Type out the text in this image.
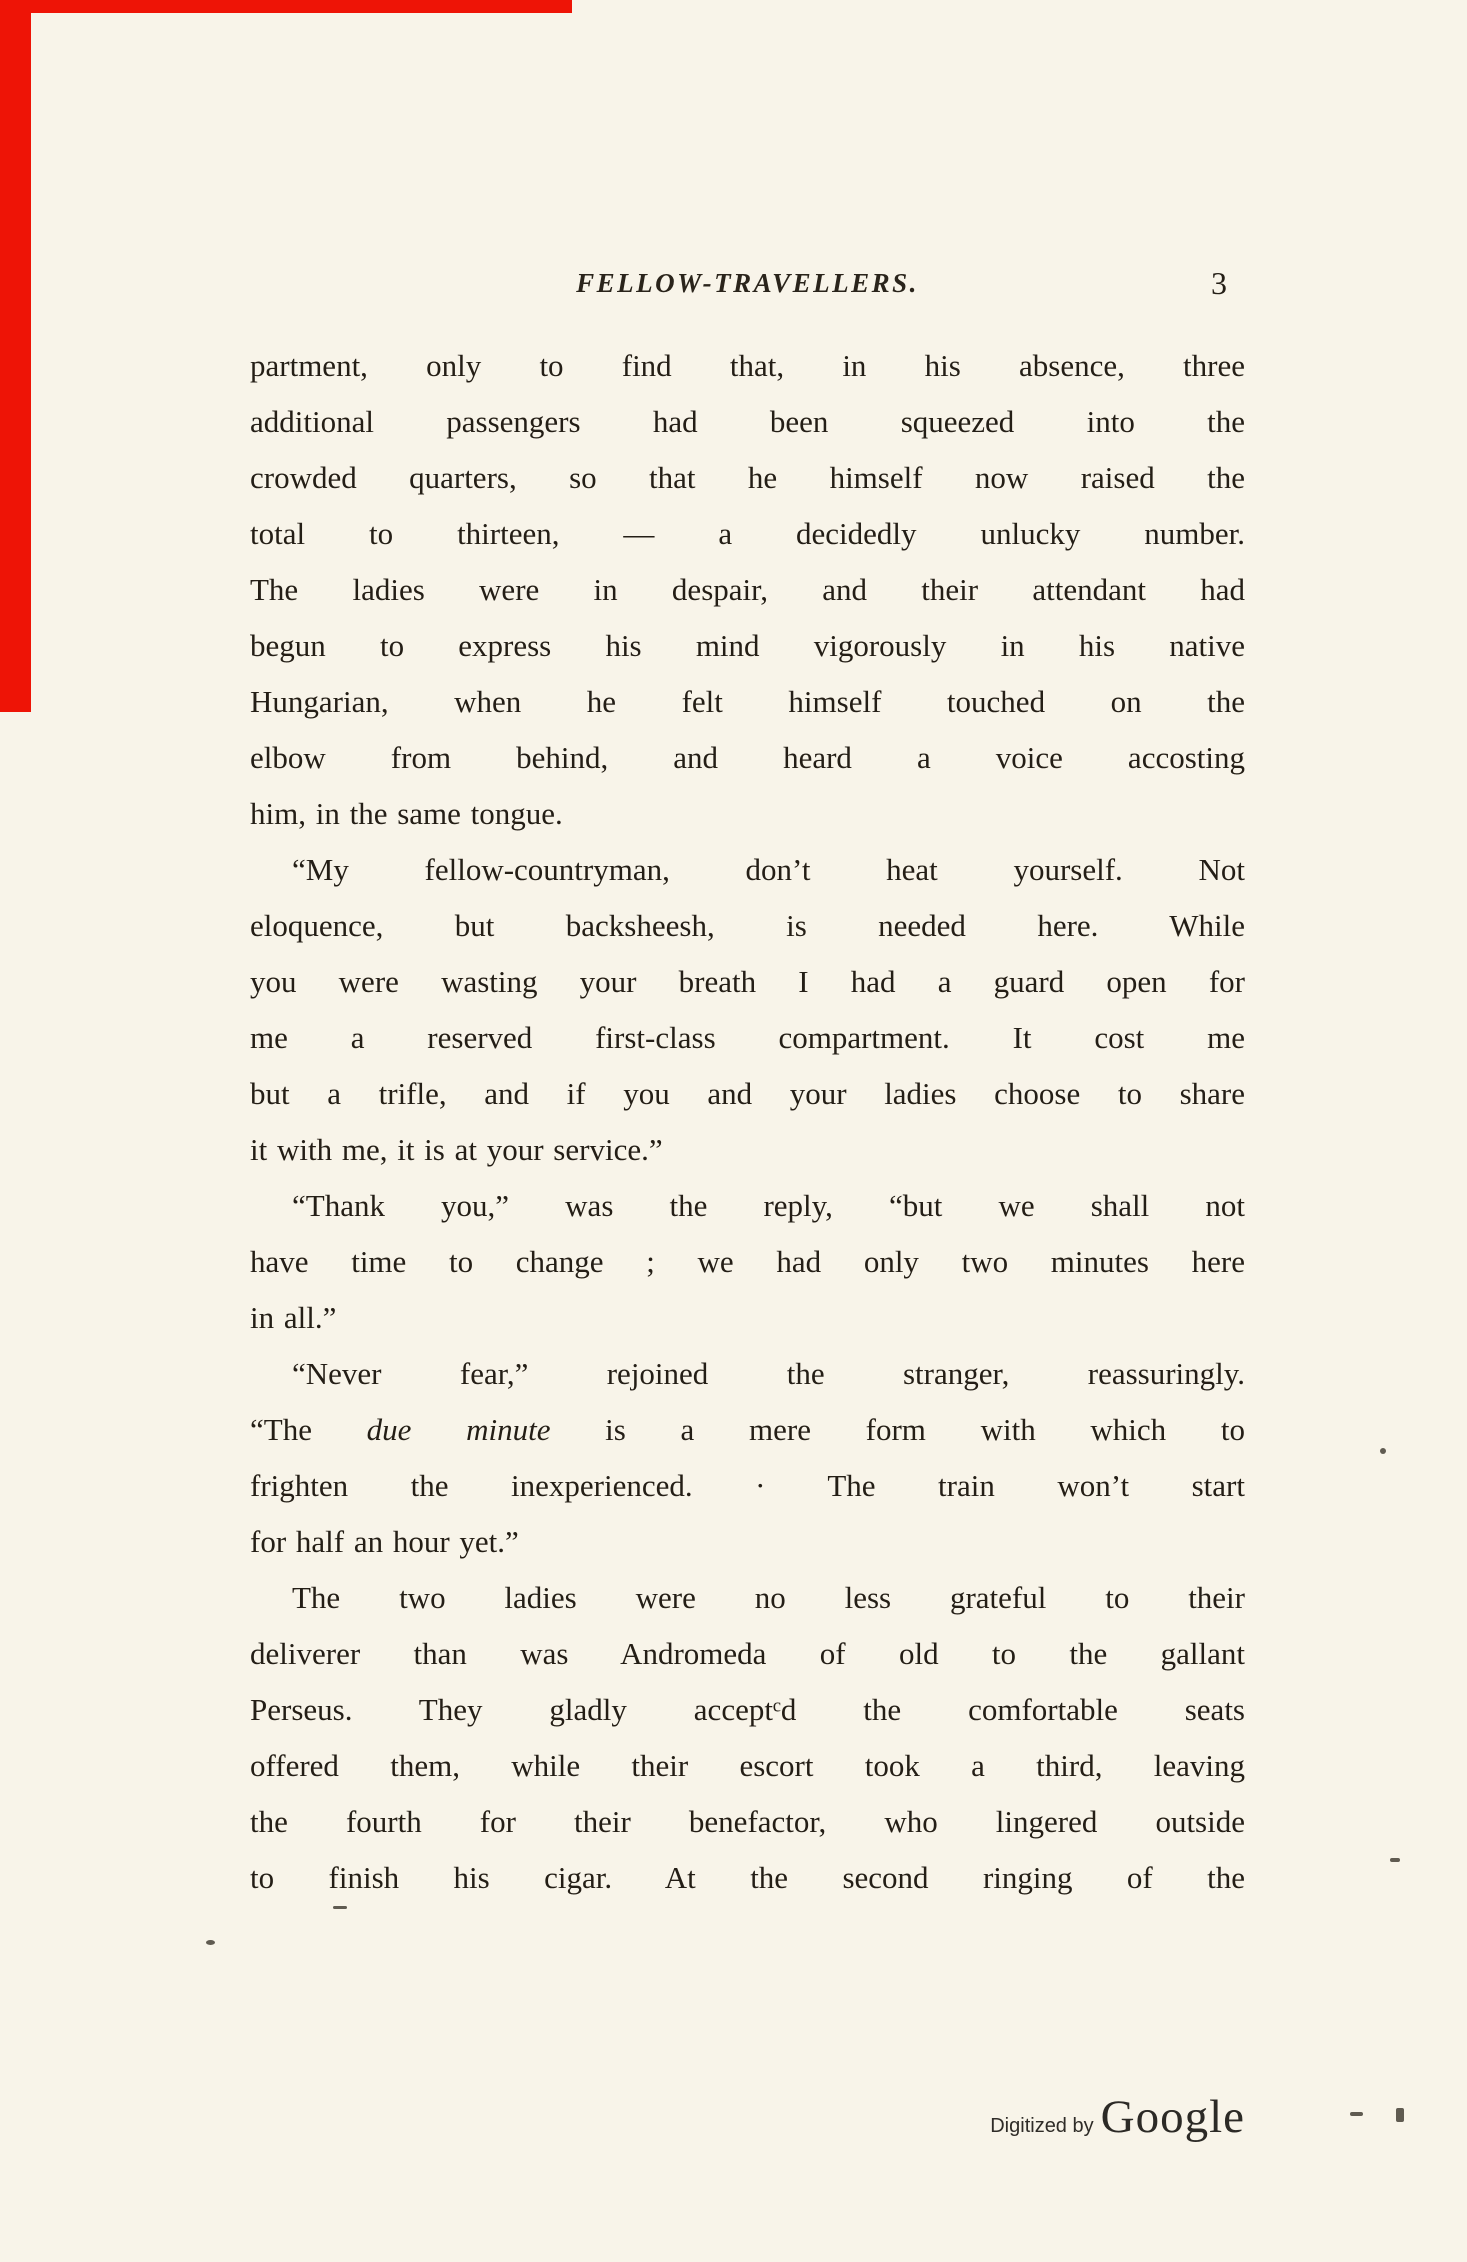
FELLOW-TRAVELLERS.	3
partment, only to find that, in his absence, three
additional passengers had been squeezed into the
crowded quarters, so that he himself now raised the
total to thirteen, — a decidedly unlucky number.
The ladies were in despair, and their attendant had
begun to express his mind vigorously in his native
Hungarian, when he felt himself touched on the
elbow from behind, and heard a voice accosting
him, in the same tongue.
“My fellow-countryman, don’t heat yourself. Not
eloquence, but backsheesh, is needed here. While
you were wasting your breath I had a guard open for
me a reserved first-class compartment. It cost me
but a trifle, and if you and your ladies choose to share
it with me, it is at your service.”
“Thank you,” was the reply, “but we shall not
have time to change ; we had only two minutes here
in all.”
“Never fear,” rejoined the stranger, reassuringly.
“The due minute is a mere form with which to
frighten the inexperienced. · The train won’t start
for half an hour yet.”
The two ladies were no less grateful to their
deliverer than was Andromeda of old to the gallant
Perseus. They gladly acceptᶜd the comfortable seats
offered them, while their escort took a third, leaving
the fourth for their benefactor, who lingered outside
to finish his cigar. At the second ringing of the
Digitized by Google
